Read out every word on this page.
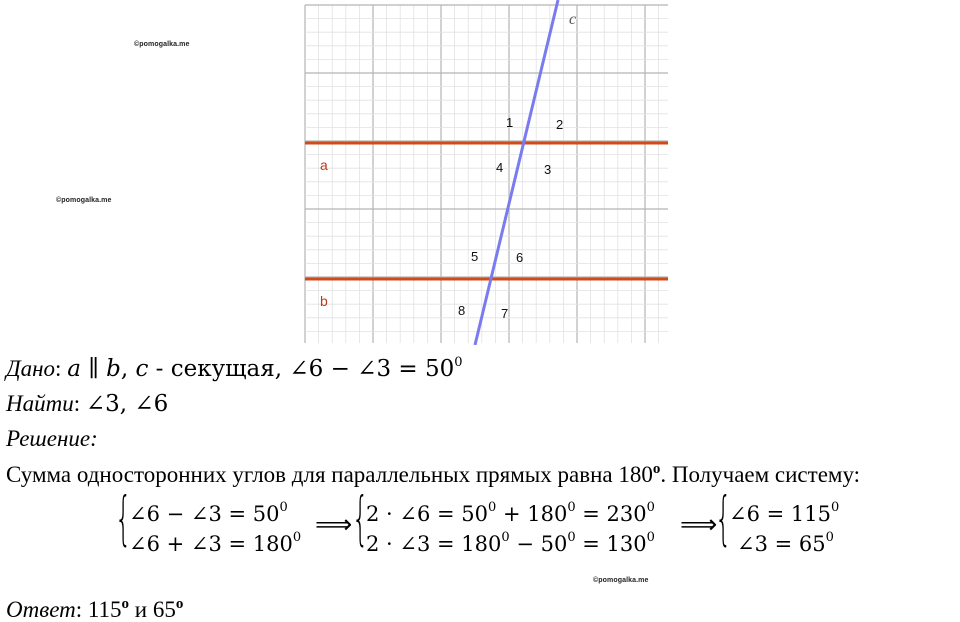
©pomogalka.me
©pomogalka.me
©pomogalka.me
c
a
b
1	2
3
4
5	6
7
8
Дано: 𝑎 ∥ 𝑏, 𝑐 - секущая, ∠6 − ∠3 = $50^0$
Найти: ∠3, ∠6
Решение:
Сумма односторонних углов для параллельных прямых равна 180$^o$. Получаем систему:
{
∠6 − ∠3 = $50^0$
∠6 + ∠3 = $180^0$ ⟹ {
2 · ∠6 = $50^0 + 180^0 = 230^0$
2 · ∠3 = $180^0 - 50^0 = 130^0$ ⟹
{
∠6 = $115^0$
∠3 = $65^0$
Ответ: 115$^o$ и 65$^o$
